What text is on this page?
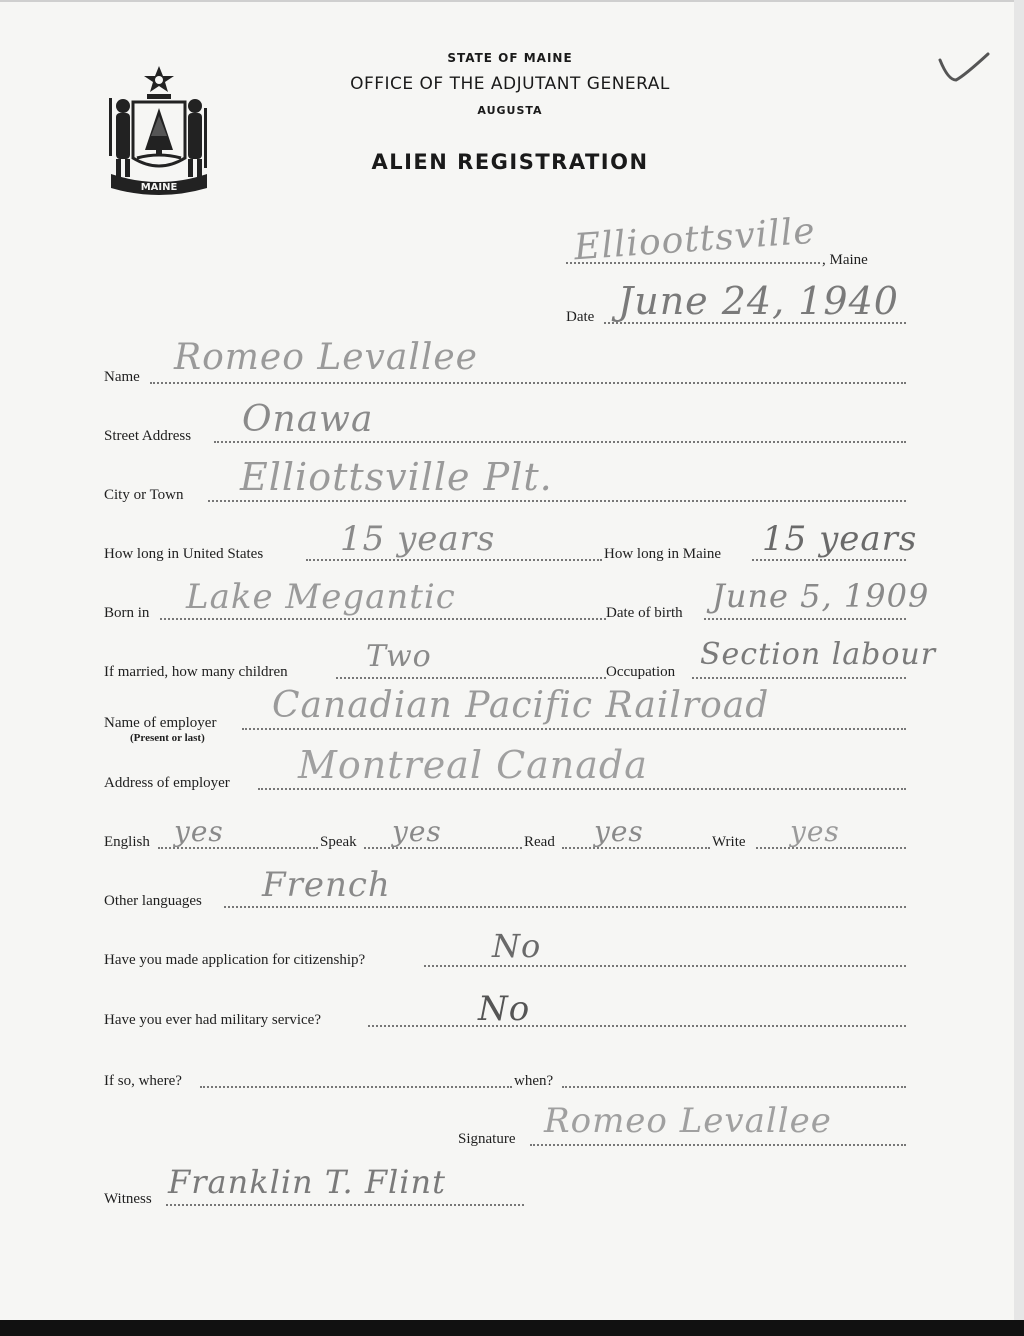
MAINE
STATE OF MAINE
OFFICE OF THE ADJUTANT GENERAL
AUGUSTA
ALIEN REGISTRATION
✓
Ellioottsville , Maine
Date June 24, 1940
Name Romeo Levallee
Street Address Onawa
City or Town Elliottsville Plt.
How long in United States 15 years	How long in Maine 15 years
Born in Lake Megantic	Date of birth June 5, 1909
If married, how many children	Two	Occupation Section labour
Name of employer
(Present or last)
Canadian Pacific Railroad
Address of employer Montreal Canada
English yes	Speak yes	Read yes	Write yes
Other languages French
Have you made application for citizenship?	No
Have you ever had military service?	No
If so, where?	when?
Signature Romeo Levallee
Witness Franklin T. Flint
